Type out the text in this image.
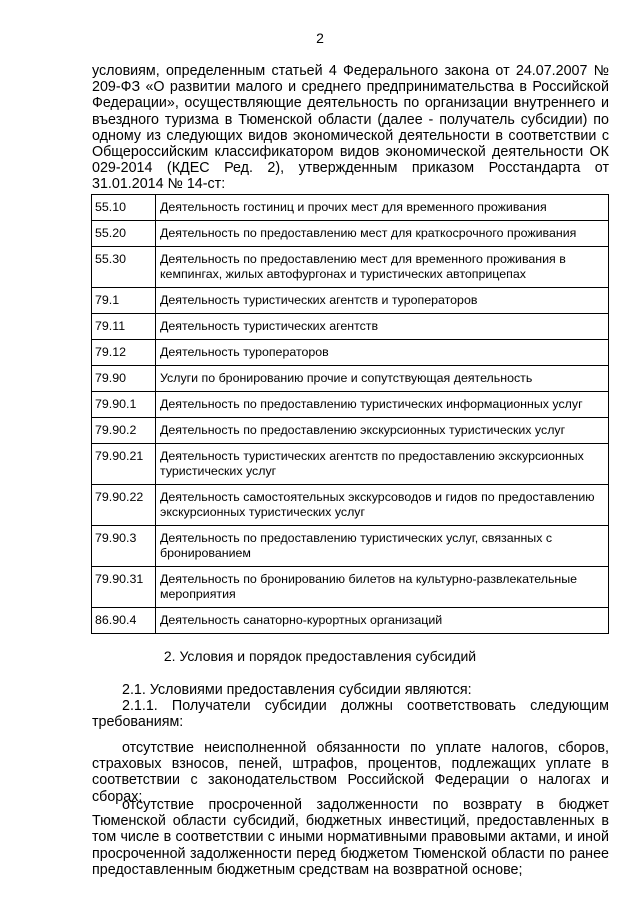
2

условиям, определенным статьей 4 Федерального закона от 24.07.2007 № 209-ФЗ «О развитии малого и среднего предпринимательства в Российской Федерации», осуществляющие деятельность по организации внутреннего и въездного туризма в Тюменской области (далее - получатель субсидии) по одному из следующих видов экономической деятельности в соответствии с Общероссийским классификатором видов экономической деятельности ОК 029-2014 (КДЕС Ред. 2), утвержденным приказом Росстандарта от 31.01.2014 № 14-ст:

55.10	Деятельность гостиниц и прочих мест для временного проживания
55.20	Деятельность по предоставлению мест для краткосрочного проживания
55.30	Деятельность по предоставлению мест для временного проживания в кемпингах, жилых автофургонах и туристических автоприцепах
79.1	Деятельность туристических агентств и туроператоров
79.11	Деятельность туристических агентств
79.12	Деятельность туроператоров
79.90	Услуги по бронированию прочие и сопутствующая деятельность
79.90.1	Деятельность по предоставлению туристических информационных услуг
79.90.2	Деятельность по предоставлению экскурсионных туристических услуг
79.90.21	Деятельность туристических агентств по предоставлению экскурсионных туристических услуг
79.90.22	Деятельность самостоятельных экскурсоводов и гидов по предоставлению экскурсионных туристических услуг
79.90.3	Деятельность по предоставлению туристических услуг, связанных с бронированием
79.90.31	Деятельность по бронированию билетов на культурно-развлекательные мероприятия
86.90.4	Деятельность санаторно-курортных организаций

2. Условия и порядок предоставления субсидий

2.1. Условиями предоставления субсидии являются:

2.1.1. Получатели субсидии должны соответствовать следующим требованиям:

отсутствие неисполненной обязанности по уплате налогов, сборов, страховых взносов, пеней, штрафов, процентов, подлежащих уплате в соответствии с законодательством Российской Федерации о налогах и сборах;

отсутствие просроченной задолженности по возврату в бюджет Тюменской области субсидий, бюджетных инвестиций, предоставленных в том числе в соответствии с иными нормативными правовыми актами, и иной просроченной задолженности перед бюджетом Тюменской области по ранее предоставленным бюджетным средствам на возвратной основе;
